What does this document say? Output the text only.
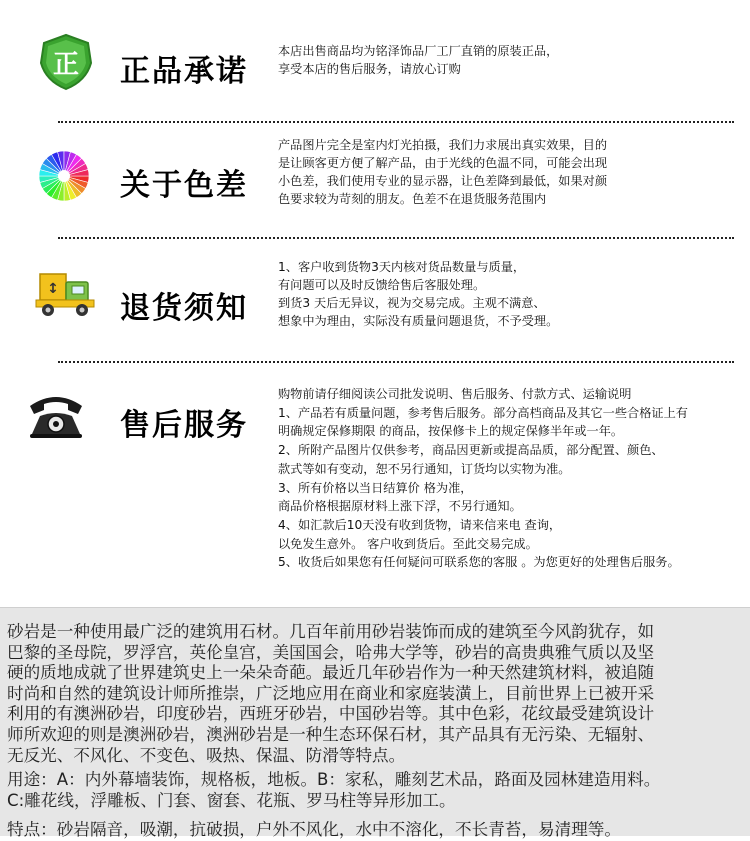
正 正品承诺
本店出售商品均为铭泽饰品厂工厂直销的原装正品，
享受本店的售后服务，请放心订购
关于色差
产品图片完全是室内灯光拍摄，我们力求展出真实效果，目的
是让顾客更方便了解产品，由于光线的色温不同，可能会出现
小色差，我们使用专业的显示器，让色差降到最低，如果对颜
色要求较为苛刻的朋友。色差不在退货服务范围内
↕
退货须知
1、客户收到货物3天内核对货品数量与质量，
有问题可以及时反馈给售后客服处理。
到货3 天后无异议，视为交易完成。主观不满意、
想象中为理由，实际没有质量问题退货，不予受理。
售后服务
购物前请仔细阅读公司批发说明、售后服务、付款方式、运输说明
1、产品若有质量问题，参考售后服务。部分高档商品及其它一些合格证上有
明确规定保修期限 的商品，按保修卡上的规定保修半年或一年。
2、所附产品图片仅供参考，商品因更新或提高品质，部分配置、颜色、
款式等如有变动，恕不另行通知，订货均以实物为准。
3、所有价格以当日结算价 格为准，
商品价格根据原材料上涨下浮，不另行通知。
4、如汇款后10天没有收到货物，请来信来电 查询，
以免发生意外。 客户收到货后。至此交易完成。
5、收货后如果您有任何疑问可联系您的客服 。为您更好的处理售后服务。
砂岩是一种使用最广泛的建筑用石材。几百年前用砂岩装饰而成的建筑至今风韵犹存，如
巴黎的圣母院，罗浮宫，英伦皇宫，美国国会，哈弗大学等，砂岩的高贵典雅气质以及坚
硬的质地成就了世界建筑史上一朵朵奇葩。最近几年砂岩作为一种天然建筑材料，被追随
时尚和自然的建筑设计师所推崇，广泛地应用在商业和家庭装潢上，目前世界上已被开采
利用的有澳洲砂岩，印度砂岩，西班牙砂岩，中国砂岩等。其中色彩，花纹最受建筑设计
师所欢迎的则是澳洲砂岩，澳洲砂岩是一种生态环保石材，其产品具有无污染、无辐射、
无反光、不风化、不变色、吸热、保温、防滑等特点。
用途：A：内外幕墙装饰，规格板，地板。B：家私，雕刻艺术品，路面及园林建造用料。
C:雕花线，浮雕板、门套、窗套、花瓶、罗马柱等异形加工。
特点：砂岩隔音，吸潮，抗破损，户外不风化，水中不溶化，不长青苔，易清理等。
